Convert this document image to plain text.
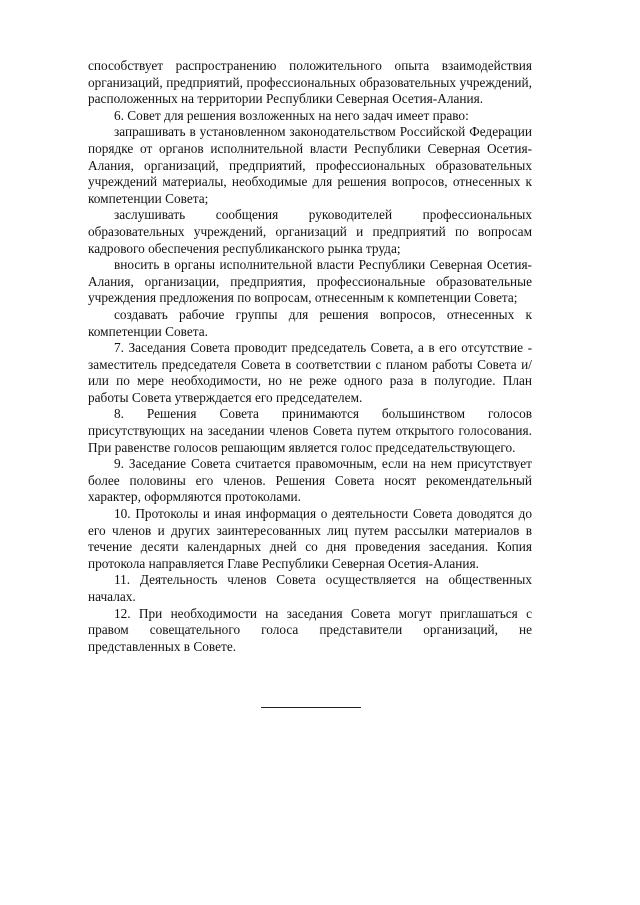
способствует распространению положительного опыта взаимодействия организаций, предприятий, профессиональных образовательных учреждений, расположенных на территории Республики Северная Осетия-Алания.

6. Совет для решения возложенных на него задач имеет право:

запрашивать в установленном законодательством Российской Федерации порядке от органов исполнительной власти Республики Северная Осетия-Алания, организаций, предприятий, профессиональных образовательных учреждений материалы, необходимые для решения вопросов, отнесенных к компетенции Совета;

заслушивать сообщения руководителей профессиональных образовательных учреждений, организаций и предприятий по вопросам кадрового обеспечения республиканского рынка труда;

вносить в органы исполнительной власти Республики Северная Осетия-Алания, организации, предприятия, профессиональные образовательные учреждения предложения по вопросам, отнесенным к компетенции Совета;

создавать рабочие группы для решения вопросов, отнесенных к компетенции Совета.

7. Заседания Совета проводит председатель Совета, а в его отсутствие - заместитель председателя Совета в соответствии с планом работы Совета и/или по мере необходимости, но не реже одного раза в полугодие. План работы Совета утверждается его председателем.

8. Решения Совета принимаются большинством голосов присутствующих на заседании членов Совета путем открытого голосования. При равенстве голосов решающим является голос председательствующего.

9. Заседание Совета считается правомочным, если на нем присутствует более половины его членов. Решения Совета носят рекомендательный характер, оформляются протоколами.

10. Протоколы и иная информация о деятельности Совета доводятся до его членов и других заинтересованных лиц путем рассылки материалов в течение десяти календарных дней со дня проведения заседания. Копия протокола направляется Главе Республики Северная Осетия-Алания.

11. Деятельность членов Совета осуществляется на общественных началах.

12. При необходимости на заседания Совета могут приглашаться с правом совещательного голоса представители организаций, не представленных в Совете.
